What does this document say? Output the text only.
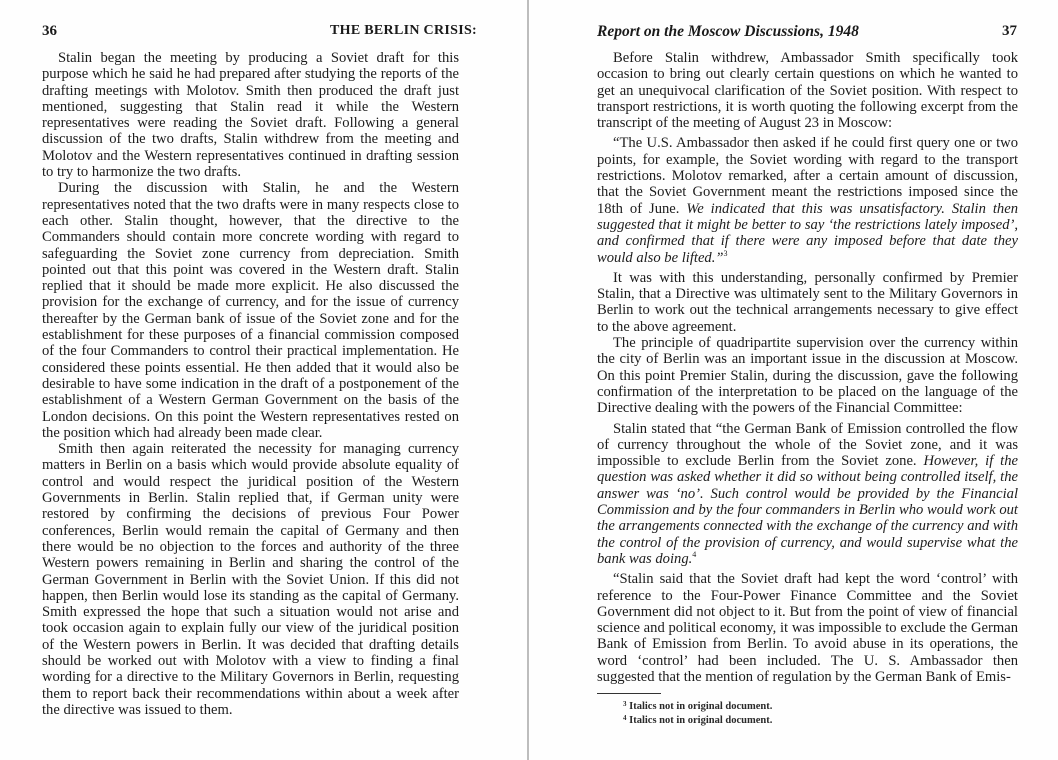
36	THE BERLIN CRISIS:

Stalin began the meeting by producing a Soviet draft for this purpose which he said he had prepared after studying the reports of the drafting meetings with Molotov. Smith then produced the draft just mentioned, suggesting that Stalin read it while the Western representatives were reading the Soviet draft. Following a general discussion of the two drafts, Stalin withdrew from the meeting and Molotov and the Western representatives continued in drafting session to try to harmonize the two drafts.

During the discussion with Stalin, he and the Western representatives noted that the two drafts were in many respects close to each other. Stalin thought, however, that the directive to the Commanders should contain more concrete wording with regard to safeguarding the Soviet zone currency from depreciation. Smith pointed out that this point was covered in the Western draft. Stalin replied that it should be made more explicit. He also discussed the provision for the exchange of currency, and for the issue of currency thereafter by the German bank of issue of the Soviet zone and for the establishment for these purposes of a financial commission composed of the four Commanders to control their practical implementation. He considered these points essential. He then added that it would also be desirable to have some indication in the draft of a postponement of the establishment of a Western German Government on the basis of the London decisions. On this point the Western representatives rested on the position which had already been made clear.

Smith then again reiterated the necessity for managing currency matters in Berlin on a basis which would provide absolute equality of control and would respect the juridical position of the Western Governments in Berlin. Stalin replied that, if German unity were restored by confirming the decisions of previous Four Power conferences, Berlin would remain the capital of Germany and then there would be no objection to the forces and authority of the three Western powers remaining in Berlin and sharing the control of the German Government in Berlin with the Soviet Union. If this did not happen, then Berlin would lose its standing as the capital of Germany. Smith expressed the hope that such a situation would not arise and took occasion again to explain fully our view of the juridical position of the Western powers in Berlin. It was decided that drafting details should be worked out with Molotov with a view to finding a final wording for a directive to the Military Governors in Berlin, requesting them to report back their recommendations within about a week after the directive was issued to them.

Report on the Moscow Discussions, 1948	37

Before Stalin withdrew, Ambassador Smith specifically took occasion to bring out clearly certain questions on which he wanted to get an unequivocal clarification of the Soviet position. With respect to transport restrictions, it is worth quoting the following excerpt from the transcript of the meeting of August 23 in Moscow:

“The U.S. Ambassador then asked if he could first query one or two points, for example, the Soviet wording with regard to the transport restrictions. Molotov remarked, after a certain amount of discussion, that the Soviet Government meant the restrictions imposed since the 18th of June. We indicated that this was unsatisfactory. Stalin then suggested that it might be better to say ‘the restrictions lately imposed’, and confirmed that if there were any imposed before that date they would also be lifted.”$^3$

It was with this understanding, personally confirmed by Premier Stalin, that a Directive was ultimately sent to the Military Governors in Berlin to work out the technical arrangements necessary to give effect to the above agreement.

The principle of quadripartite supervision over the currency within the city of Berlin was an important issue in the discussion at Moscow. On this point Premier Stalin, during the discussion, gave the following confirmation of the interpretation to be placed on the language of the Directive dealing with the powers of the Financial Committee:

Stalin stated that “the German Bank of Emission controlled the flow of currency throughout the whole of the Soviet zone, and it was impossible to exclude Berlin from the Soviet zone. However, if the question was asked whether it did so without being controlled itself, the answer was ‘no’. Such control would be provided by the Financial Commission and by the four commanders in Berlin who would work out the arrangements connected with the exchange of the currency and with the control of the provision of currency, and would supervise what the bank was doing.$^4$

“Stalin said that the Soviet draft had kept the word ‘control’ with reference to the Four-Power Finance Committee and the Soviet Government did not object to it. But from the point of view of financial science and political economy, it was impossible to exclude the German Bank of Emission from Berlin. To avoid abuse in its operations, the word ‘control’ had been included. The U. S. Ambassador then suggested that the mention of regulation by the German Bank of Emis-

$^3$ Italics not in original document.

$^4$ Italics not in original document.
